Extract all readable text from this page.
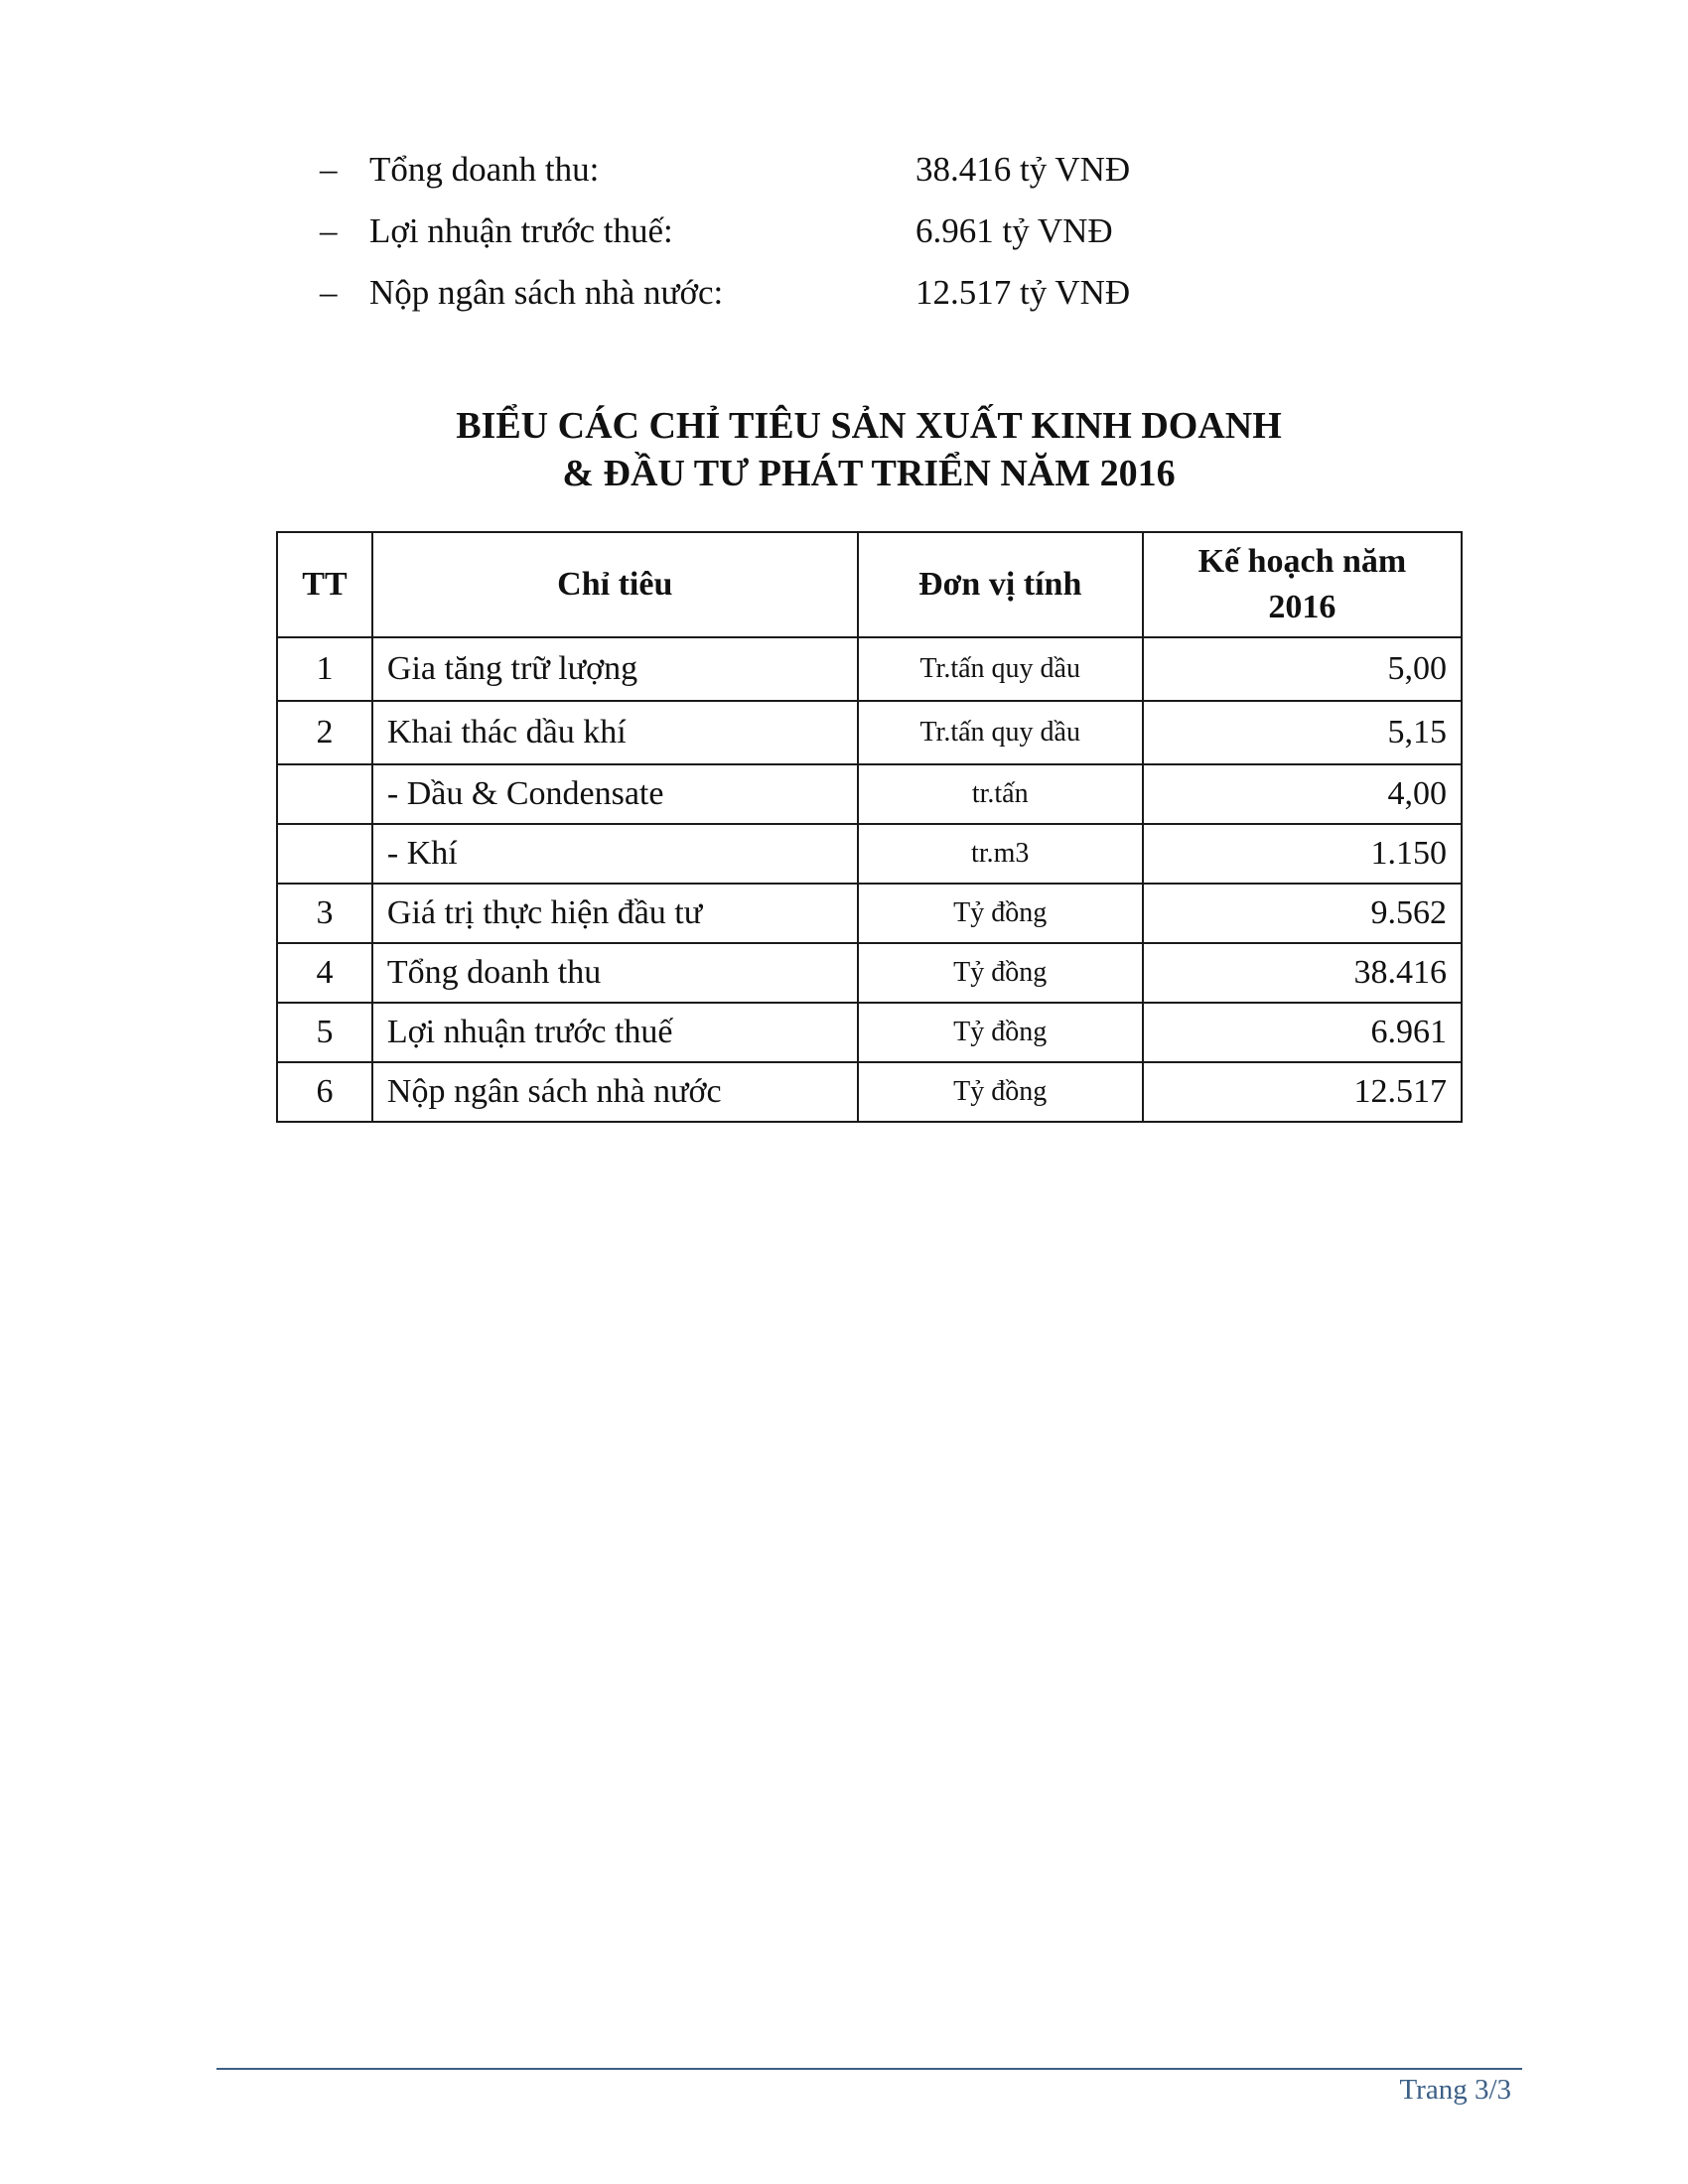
– Tổng doanh thu:	38.416 tỷ VNĐ
– Lợi nhuận trước thuế:	6.961 tỷ VNĐ
– Nộp ngân sách nhà nước:	12.517 tỷ VNĐ
BIỂU CÁC CHỈ TIÊU SẢN XUẤT KINH DOANH
& ĐẦU TƯ PHÁT TRIỂN NĂM 2016
TT	Chỉ tiêu	Đơn vị tính	Kế hoạch năm
2016

1	Gia tăng trữ lượng	Tr.tấn quy dầu	5,00
2	Khai thác dầu khí	Tr.tấn quy dầu	5,15
	- Dầu & Condensate	tr.tấn	4,00
	- Khí	tr.m3	1.150
3	Giá trị thực hiện đầu tư	Tỷ đồng	9.562
4	Tổng doanh thu	Tỷ đồng	38.416
5	Lợi nhuận trước thuế	Tỷ đồng	6.961
6	Nộp ngân sách nhà nước	Tỷ đồng	12.517
Trang 3/3
